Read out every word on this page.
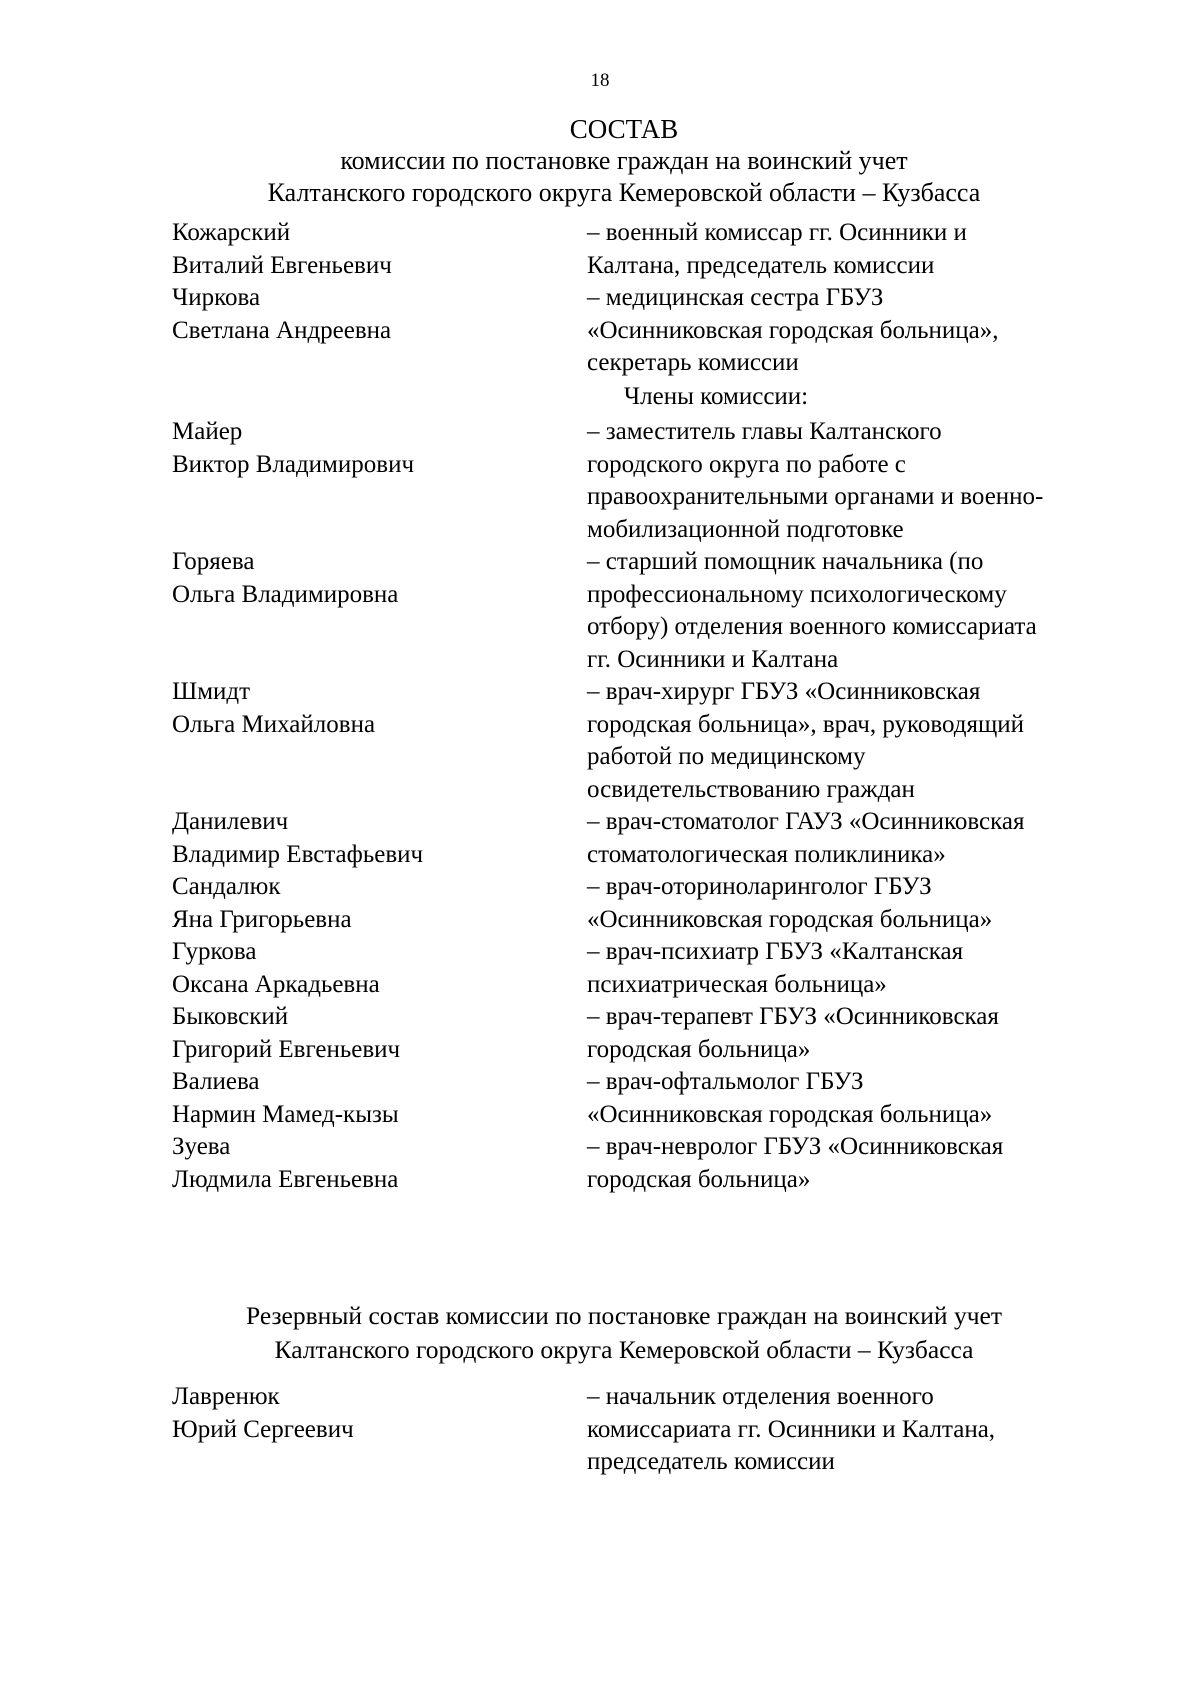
18
СОСТАВ
комиссии по постановке граждан на воинский учет
Калтанского городского округа Кемеровской области – Кузбасса
Кожарский
Виталий Евгеньевич
– военный комиссар гг. Осинники и
Калтана, председатель комиссии
Чиркова
Светлана Андреевна
– медицинская сестра ГБУЗ
«Осинниковская городская больница»,
секретарь комиссии
Члены комиссии:
Майер
Виктор Владимирович
– заместитель главы Калтанского
городского округа по работе с
правоохранительными органами и военно-
мобилизационной подготовке
Горяева
Ольга Владимировна
– старший помощник начальника (по
профессиональному психологическому
отбору) отделения военного комиссариата
гг. Осинники и Калтана
Шмидт
Ольга Михайловна
– врач-хирург ГБУЗ «Осинниковская
городская больница», врач, руководящий
работой по медицинскому
освидетельствованию граждан
Данилевич
Владимир Евстафьевич
– врач-стоматолог ГАУЗ «Осинниковская
стоматологическая поликлиника»
Сандалюк
Яна Григорьевна
– врач-оториноларинголог ГБУЗ
«Осинниковская городская больница»
Гуркова
Оксана Аркадьевна
– врач-психиатр ГБУЗ «Калтанская
психиатрическая больница»
Быковский
Григорий Евгеньевич
– врач-терапевт ГБУЗ «Осинниковская
городская больница»
Валиева
Нармин Мамед-кызы
– врач-офтальмолог ГБУЗ
«Осинниковская городская больница»
Зуева
Людмила Евгеньевна
– врач-невролог ГБУЗ «Осинниковская
городская больница»
Резервный состав комиссии по постановке граждан на воинский учет
Калтанского городского округа Кемеровской области – Кузбасса
Лавренюк
Юрий Сергеевич
– начальник отделения военного
комиссариата гг. Осинники и Калтана,
председатель комиссии
